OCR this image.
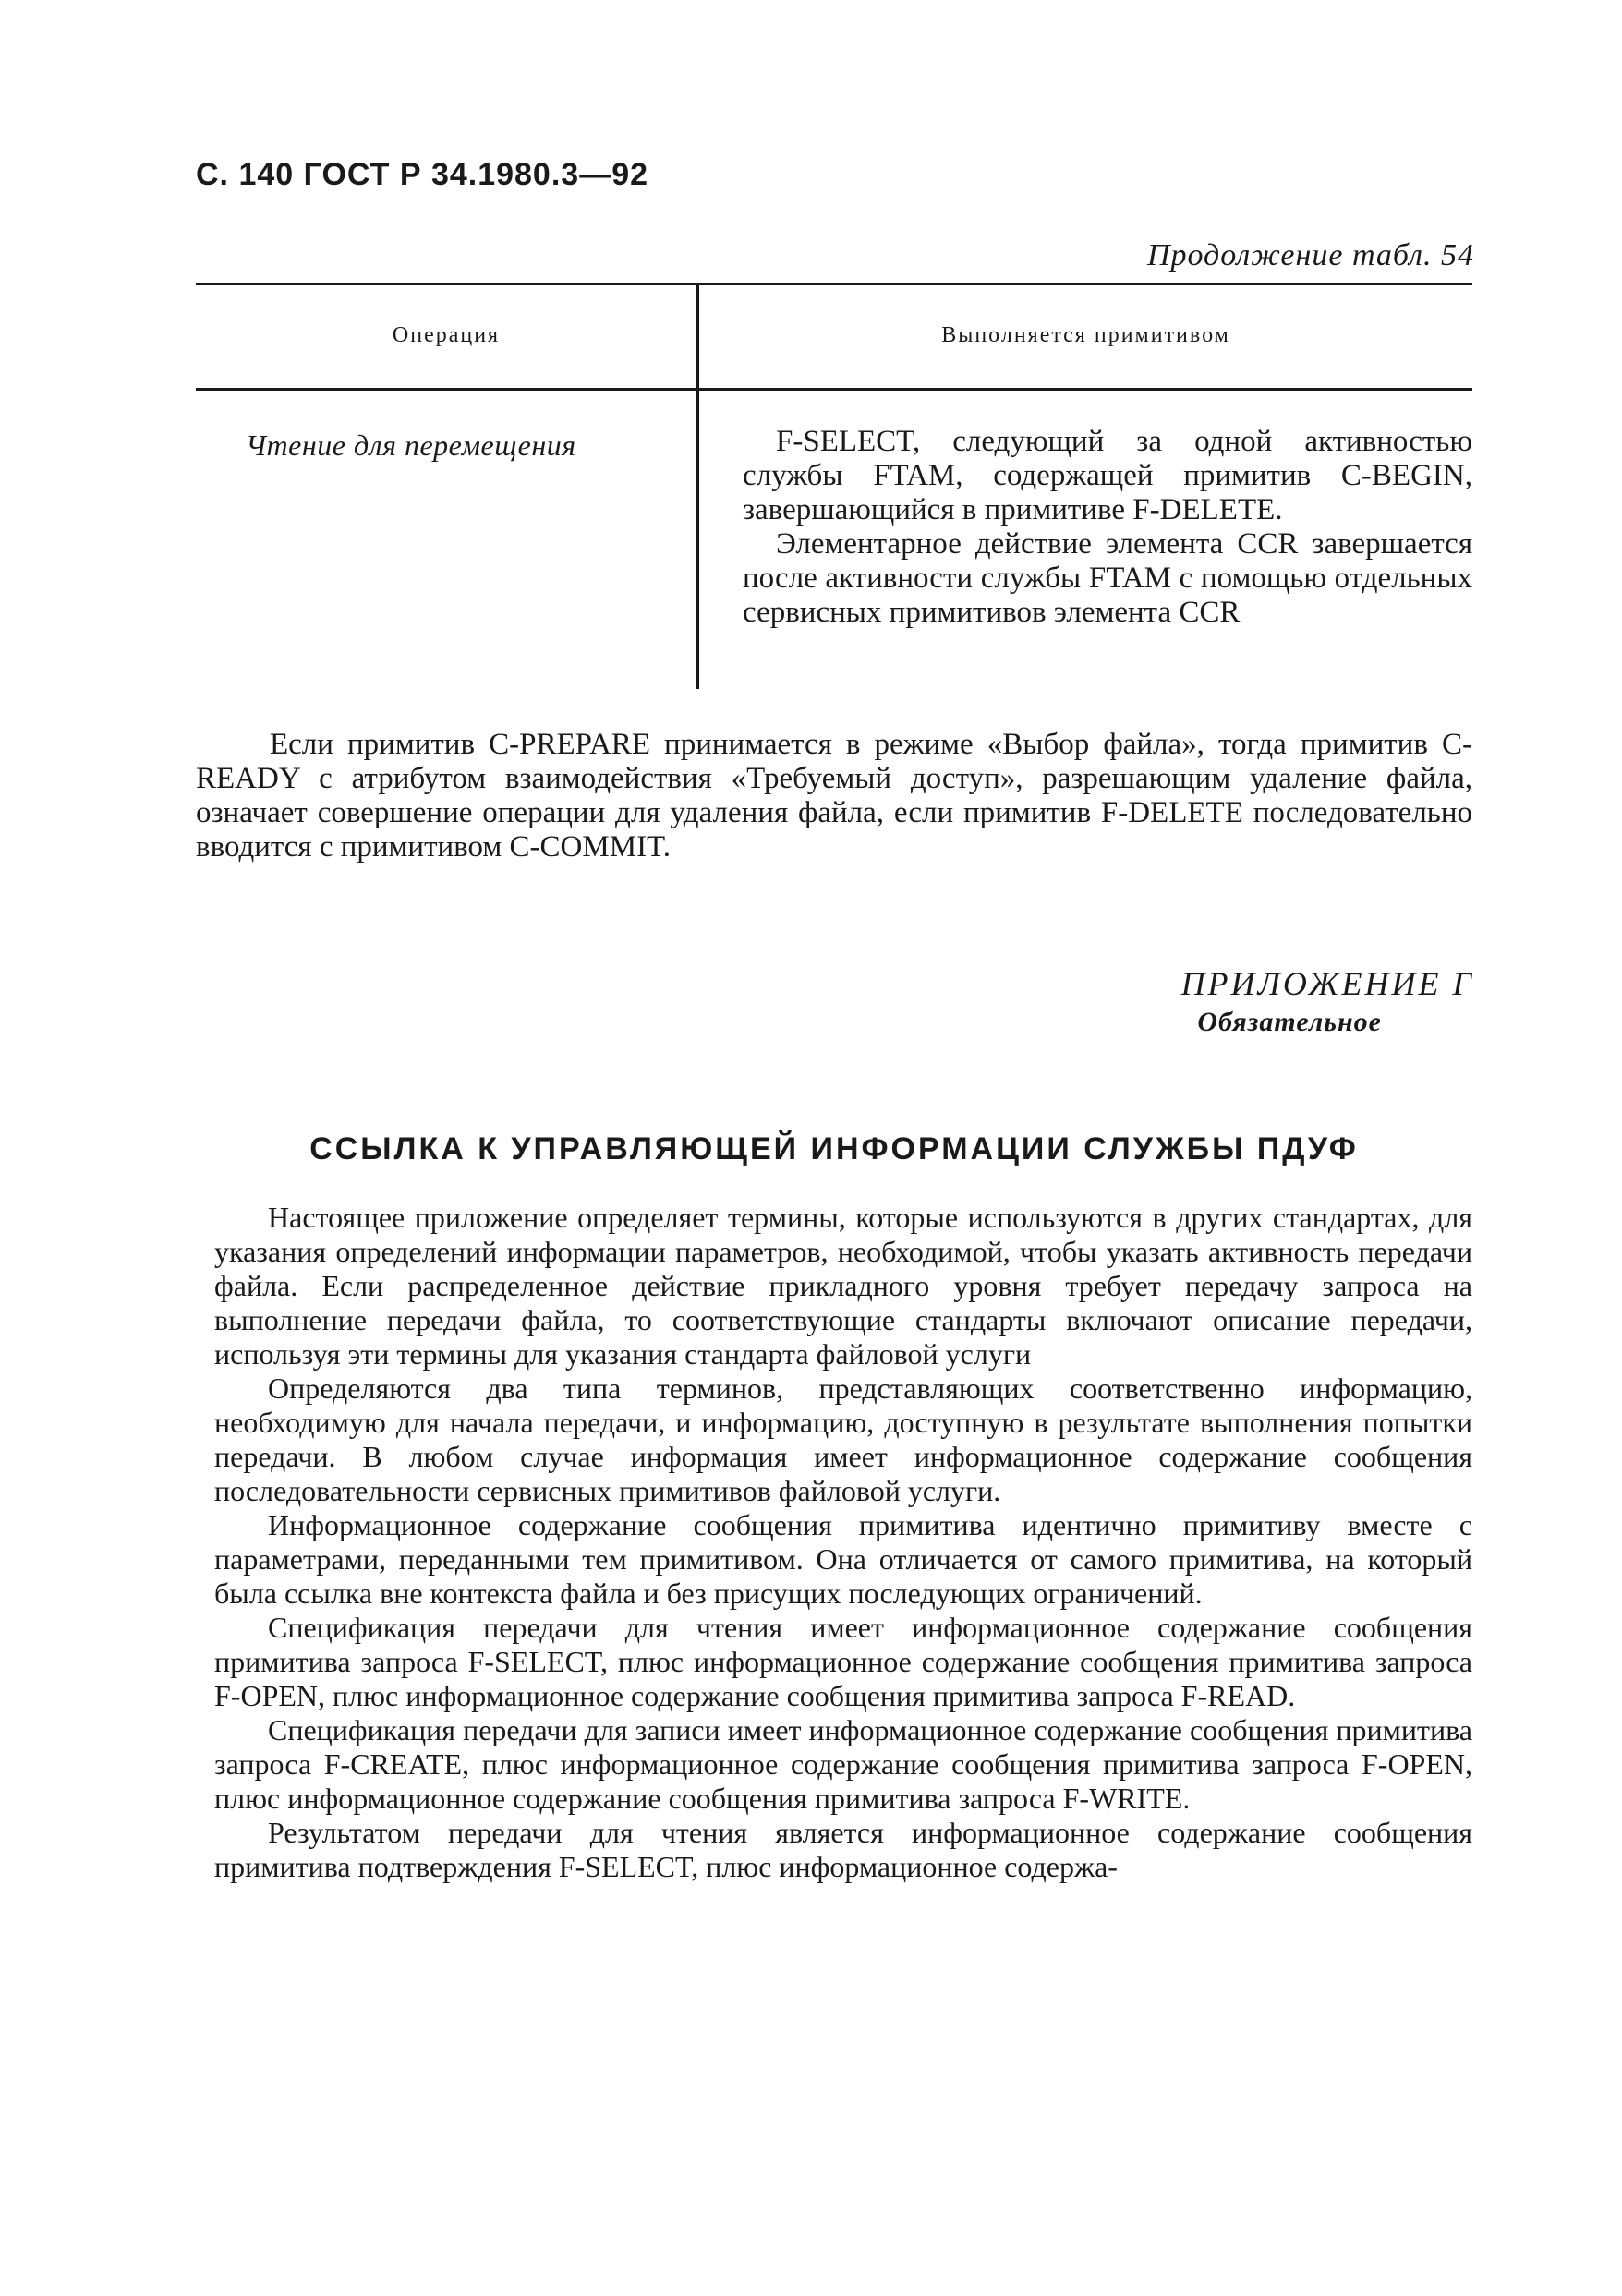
С. 140 ГОСТ Р 34.1980.3—92
Продолжение табл. 54
Операция	Выполняется примитивом
Чтение для перемещения	F-SELECT, следующий за одной активностью службы FTAM, содержащей примитив C-BEGIN, завершающийся в примитиве F-DELETE.

Элементарное действие элемента CCR завершается после активности службы FTAM с помощью отдельных сервисных примитивов элемента CCR

Если примитив C-PREPARE принимается в режиме «Выбор файла», тогда примитив C-READY с атрибутом взаимодействия «Требуемый доступ», разрешающим удаление файла, означает совершение операции для удаления файла, если примитив F-DELETE последовательно вводится с примитивом C-COMMIT.

ПРИЛОЖЕНИЕ Г
Обязательное
ССЫЛКА К УПРАВЛЯЮЩЕЙ ИНФОРМАЦИИ СЛУЖБЫ ПДУФ

Настоящее приложение определяет термины, которые используются в других стандартах, для указания определений информации параметров, необходимой, чтобы указать активность передачи файла. Если распределенное действие прикладного уровня требует передачу запроса на выполнение передачи файла, то соответствующие стандарты включают описание передачи, используя эти термины для указания стандарта файловой услуги

Определяются два типа терминов, представляющих соответственно информацию, необходимую для начала передачи, и информацию, доступную в результате выполнения попытки передачи. В любом случае информация имеет информационное содержание сообщения последовательности сервисных примитивов файловой услуги.

Информационное содержание сообщения примитива идентично примитиву вместе с параметрами, переданными тем примитивом. Она отличается от самого примитива, на который была ссылка вне контекста файла и без присущих последующих ограничений.

Спецификация передачи для чтения имеет информационное содержание сообщения примитива запроса F-SELECT, плюс информационное содержание сообщения примитива запроса F-OPEN, плюс информационное содержание сообщения примитива запроса F-READ.

Спецификация передачи для записи имеет информационное содержание сообщения примитива запроса F-CREATE, плюс информационное содержание сообщения примитива запроса F-OPEN, плюс информационное содержание сообщения примитива запроса F-WRITE.

Результатом передачи для чтения является информационное содержание сообщения примитива подтверждения F-SELECT, плюс информационное содержа-
